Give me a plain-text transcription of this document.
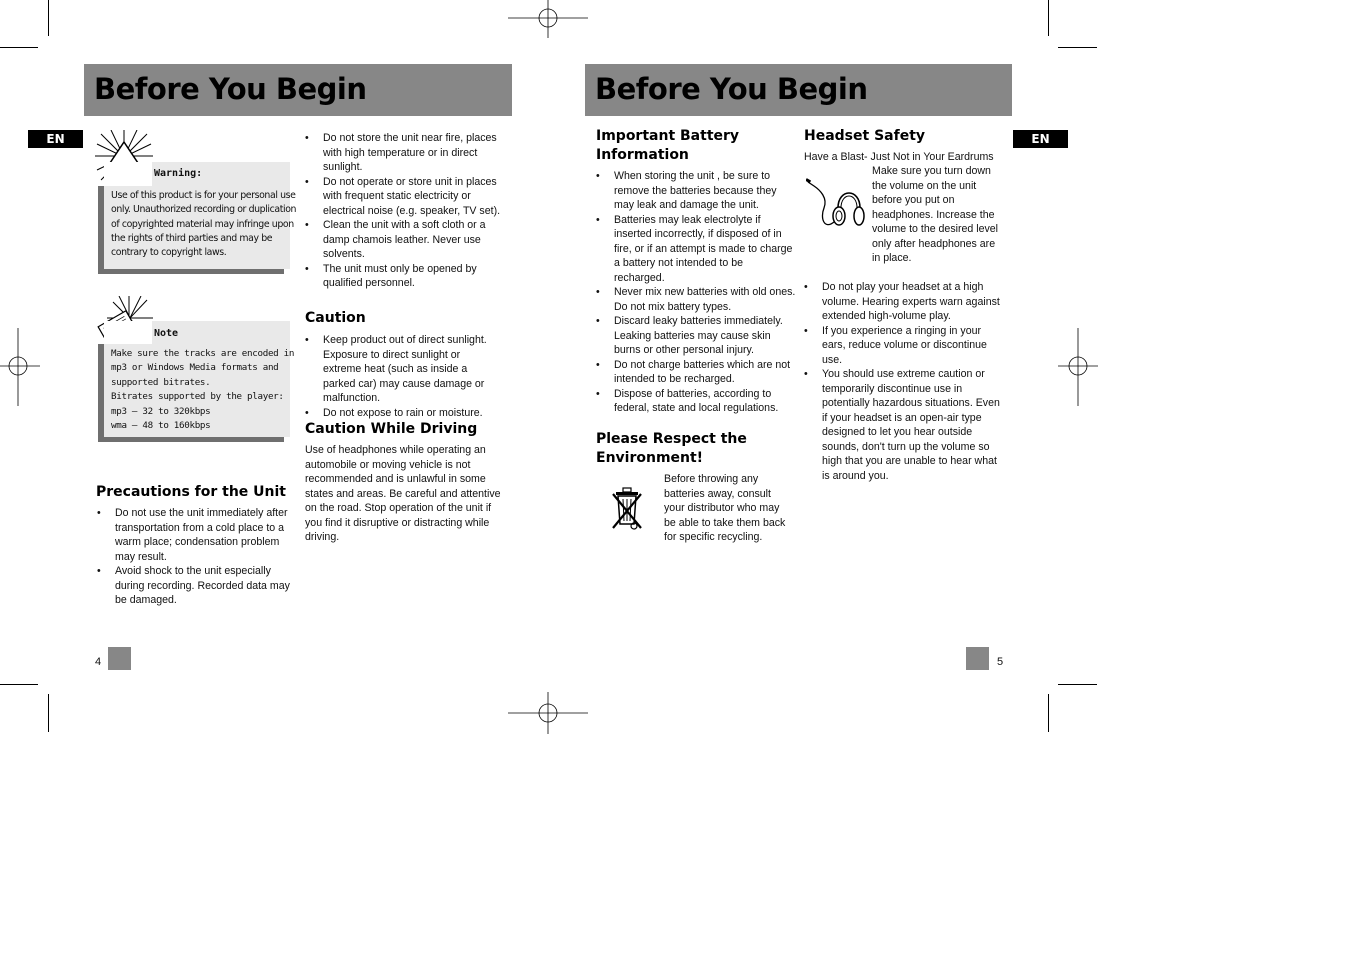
Before You Begin
EN
Warning:

Use of this product is for your personal use

only. Unauthorized recording or duplication

of copyrighted material may infringe upon

the rights of third parties and may be

contrary to copyright laws.

Note

Make sure the tracks are encoded in

mp3 or Windows Media formats and

supported bitrates.

Bitrates supported by the player:

mp3 – 32 to 320kbps

wma – 48 to 160kbps

Precautions for the Unit
• Do not use the unit immediately after transportation from a cold place to a warm place; condensation problem may result.
• Avoid shock to the unit especially during recording. Recorded data may be damaged.
• Do not store the unit near fire, places with high temperature or in direct sunlight.
• Do not operate or store unit in places with frequent static electricity or electrical noise (e.g. speaker, TV set).
• Clean the unit with a soft cloth or a damp chamois leather. Never use solvents.
• The unit must only be opened by qualified personnel.
Caution
• Keep product out of direct sunlight. Exposure to direct sunlight or extreme heat (such as inside a parked car) may cause damage or malfunction.
• Do not expose to rain or moisture.
Caution While Driving

Use of headphones while operating an automobile or moving vehicle is not recommended and is unlawful in some states and areas. Be careful and attentive on the road. Stop operation of the unit if you find it disruptive or distracting while driving.

4
Before You Begin
EN
Important Battery
Information
• When storing the unit , be sure to remove the batteries because they may leak and damage the unit.
• Batteries may leak electrolyte if inserted incorrectly, if disposed of in fire, or if an attempt is made to charge a battery not intended to be recharged.
• Never mix new batteries with old ones. Do not mix battery types.
• Discard leaky batteries immediately. Leaking batteries may cause skin burns or other personal injury.
• Do not charge batteries which are not intended to be recharged.
• Dispose of batteries, according to federal, state and local regulations.
Please Respect the
Environment!

Before throwing any batteries away, consult your distributor who may be able to take them back for specific recycling.

Headset Safety

Have a Blast- Just Not in Your Eardrums

Make sure you turn down the volume on the unit before you put on headphones. Increase the volume to the desired level only after headphones are in place.

• Do not play your headset at a high volume. Hearing experts warn against extended high-volume play.
• If you experience a ringing in your ears, reduce volume or discontinue use.
• You should use extreme caution or temporarily discontinue use in potentially hazardous situations. Even if your headset is an open-air type designed to let you hear outside sounds, don't turn up the volume so high that you are unable to hear what is around you.
5
